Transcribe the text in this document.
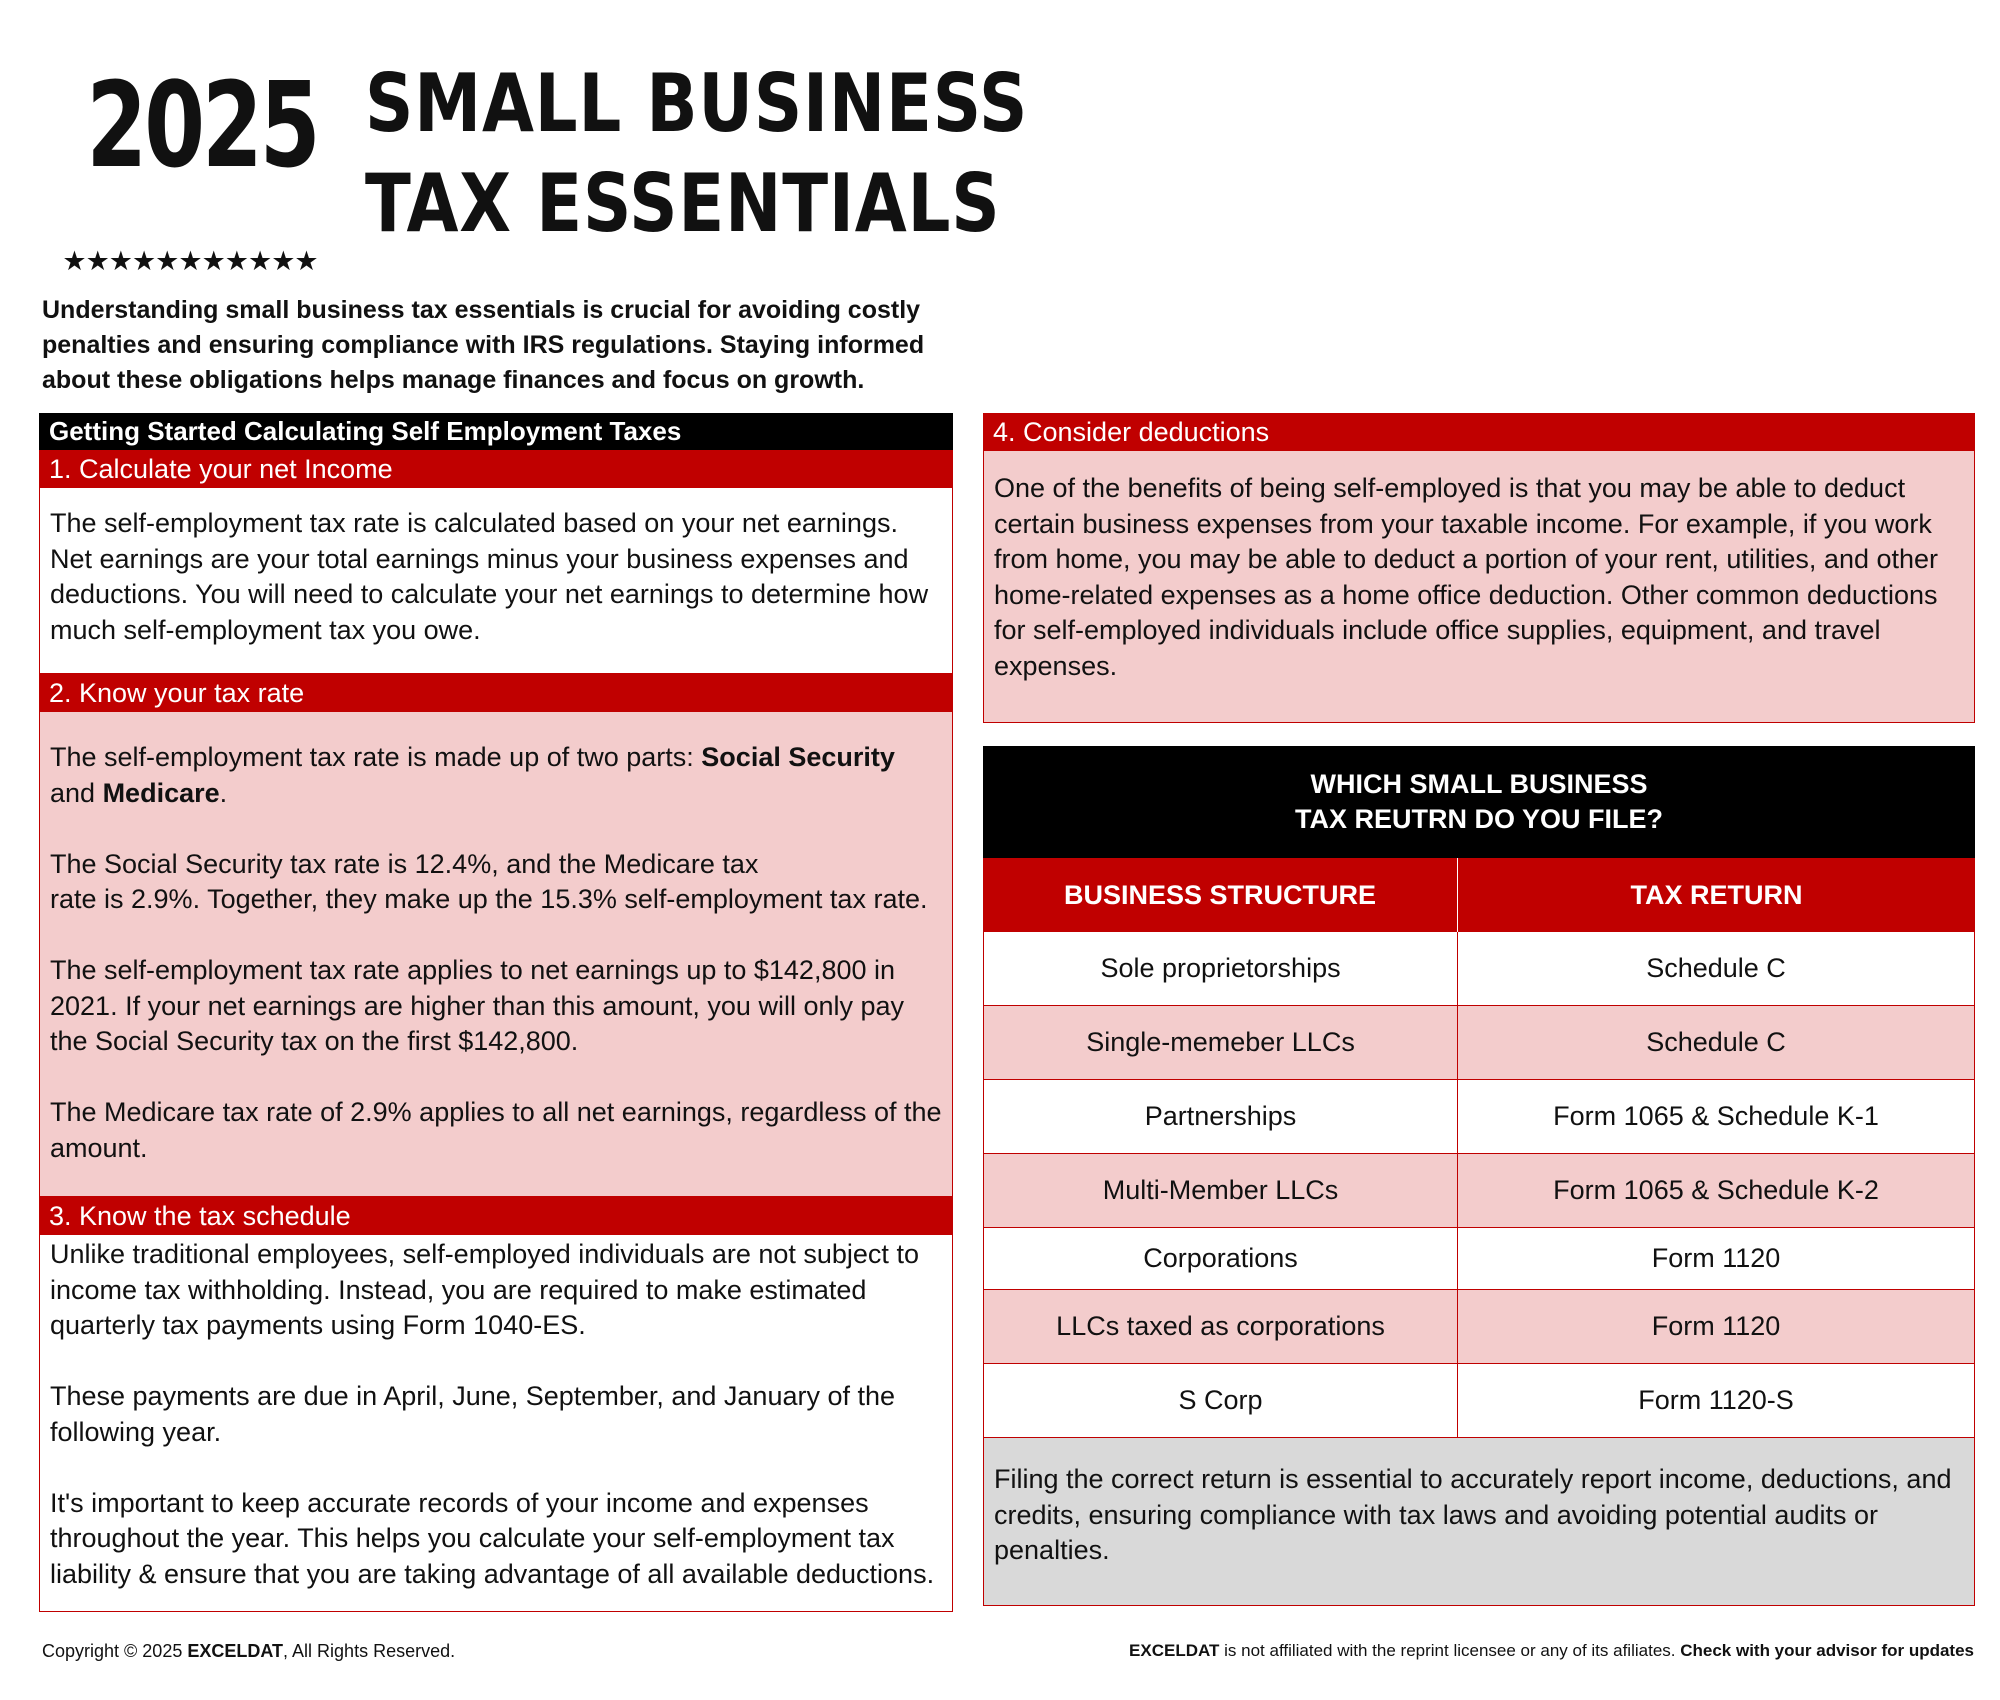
2025
★★★★★★★★★★★
SMALL BUSINESS
TAX ESSENTIALS
Understanding small business tax essentials is crucial for avoiding costly penalties and ensuring compliance with IRS regulations. Staying informed about these obligations helps manage finances and focus on growth.
Getting Started Calculating Self Employment Taxes
1. Calculate your net Income

The self-employment tax rate is calculated based on your net earnings. Net earnings are your total earnings minus your business expenses and deductions. You will need to calculate your net earnings to determine how much self-employment tax you owe.

2. Know your tax rate

The self-employment tax rate is made up of two parts: Social Security
and Medicare.

The Social Security tax rate is 12.4%, and the Medicare tax
rate is 2.9%. Together, they make up the 15.3% self-employment tax rate.

The self-employment tax rate applies to net earnings up to $142,800 in 2021. If your net earnings are higher than this amount, you will only pay the Social Security tax on the first $142,800.

The Medicare tax rate of 2.9% applies to all net earnings, regardless of the amount.

3. Know the tax schedule

Unlike traditional employees, self-employed individuals are not subject to income tax withholding. Instead, you are required to make estimated quarterly tax payments using Form 1040-ES.

These payments are due in April, June, September, and January of the following year.

It's important to keep accurate records of your income and expenses throughout the year. This helps you calculate your self-employment tax liability & ensure that you are taking advantage of all available deductions.

4. Consider deductions

One of the benefits of being self-employed is that you may be able to deduct certain business expenses from your taxable income. For example, if you work from home, you may be able to deduct a portion of your rent, utilities, and other home-related expenses as a home office deduction. Other common deductions for self-employed individuals include office supplies, equipment, and travel expenses.

WHICH SMALL BUSINESS
TAX REUTRN DO YOU FILE?
BUSINESS STRUCTURE	TAX RETURN
Sole proprietorships	Schedule C
Single-memeber LLCs	Schedule C
Partnerships	Form 1065 & Schedule K-1
Multi-Member LLCs	Form 1065 & Schedule K-2
Corporations	Form 1120
LLCs taxed as corporations	Form 1120
S Corp	Form 1120-S
Filing the correct return is essential to accurately report income, deductions, and credits, ensuring compliance with tax laws and avoiding potential audits or penalties.
Copyright © 2025 EXCELDAT, All Rights Reserved.	EXCELDAT is not affiliated with the reprint licensee or any of its afiliates. Check with your advisor for updates
